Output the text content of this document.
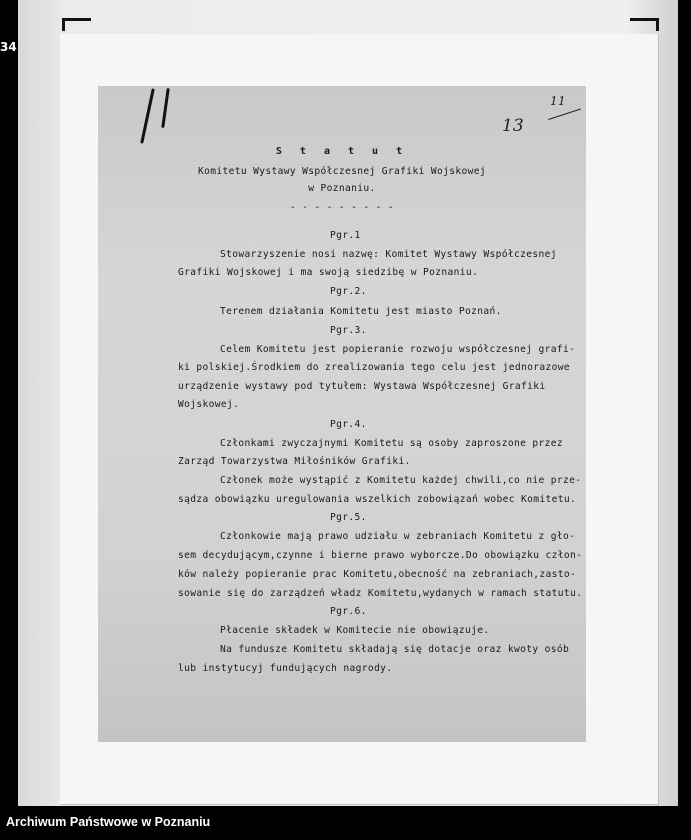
34
11
13
S t a t u t
Komitetu Wystawy Współczesnej Grafiki Wojskowej
w Poznaniu.
- - - - - - - - -
Pgr.1
Stowarzyszenie nosi nazwę: Komitet Wystawy Współczesnej
Grafiki Wojskowej i ma swoją siedzibę w Poznaniu.
Pgr.2.
Terenem działania Komitetu jest miasto Poznań.
Pgr.3.
Celem Komitetu jest popieranie rozwoju współczesnej grafi-
ki polskiej.Środkiem do zrealizowania tego celu jest jednorazowe
urządzenie wystawy pod tytułem: Wystawa Współczesnej Grafiki
Wojskowej.
Pgr.4.
Członkami zwyczajnymi Komitetu są osoby zaproszone przez
Zarząd Towarzystwa Miłośników Grafiki.
Członek może wystąpić z Komitetu każdej chwili,co nie prze-
sądza obowiązku uregulowania wszelkich zobowiązań wobec Komitetu.
Pgr.5.
Członkowie mają prawo udziału w zebraniach Komitetu z gło-
sem decydującym,czynne i bierne prawo wyborcze.Do obowiązku człon-
ków należy popieranie prac Komitetu,obecność na zebraniach,zasto-
sowanie się do zarządzeń władz Komitetu,wydanych w ramach statutu.
Pgr.6.
Płacenie składek w Komitecie nie obowiązuje.
Na fundusze Komitetu składają się dotacje oraz kwoty osób
lub instytucyj fundujących nagrody.
Archiwum Państwowe w Poznaniu
